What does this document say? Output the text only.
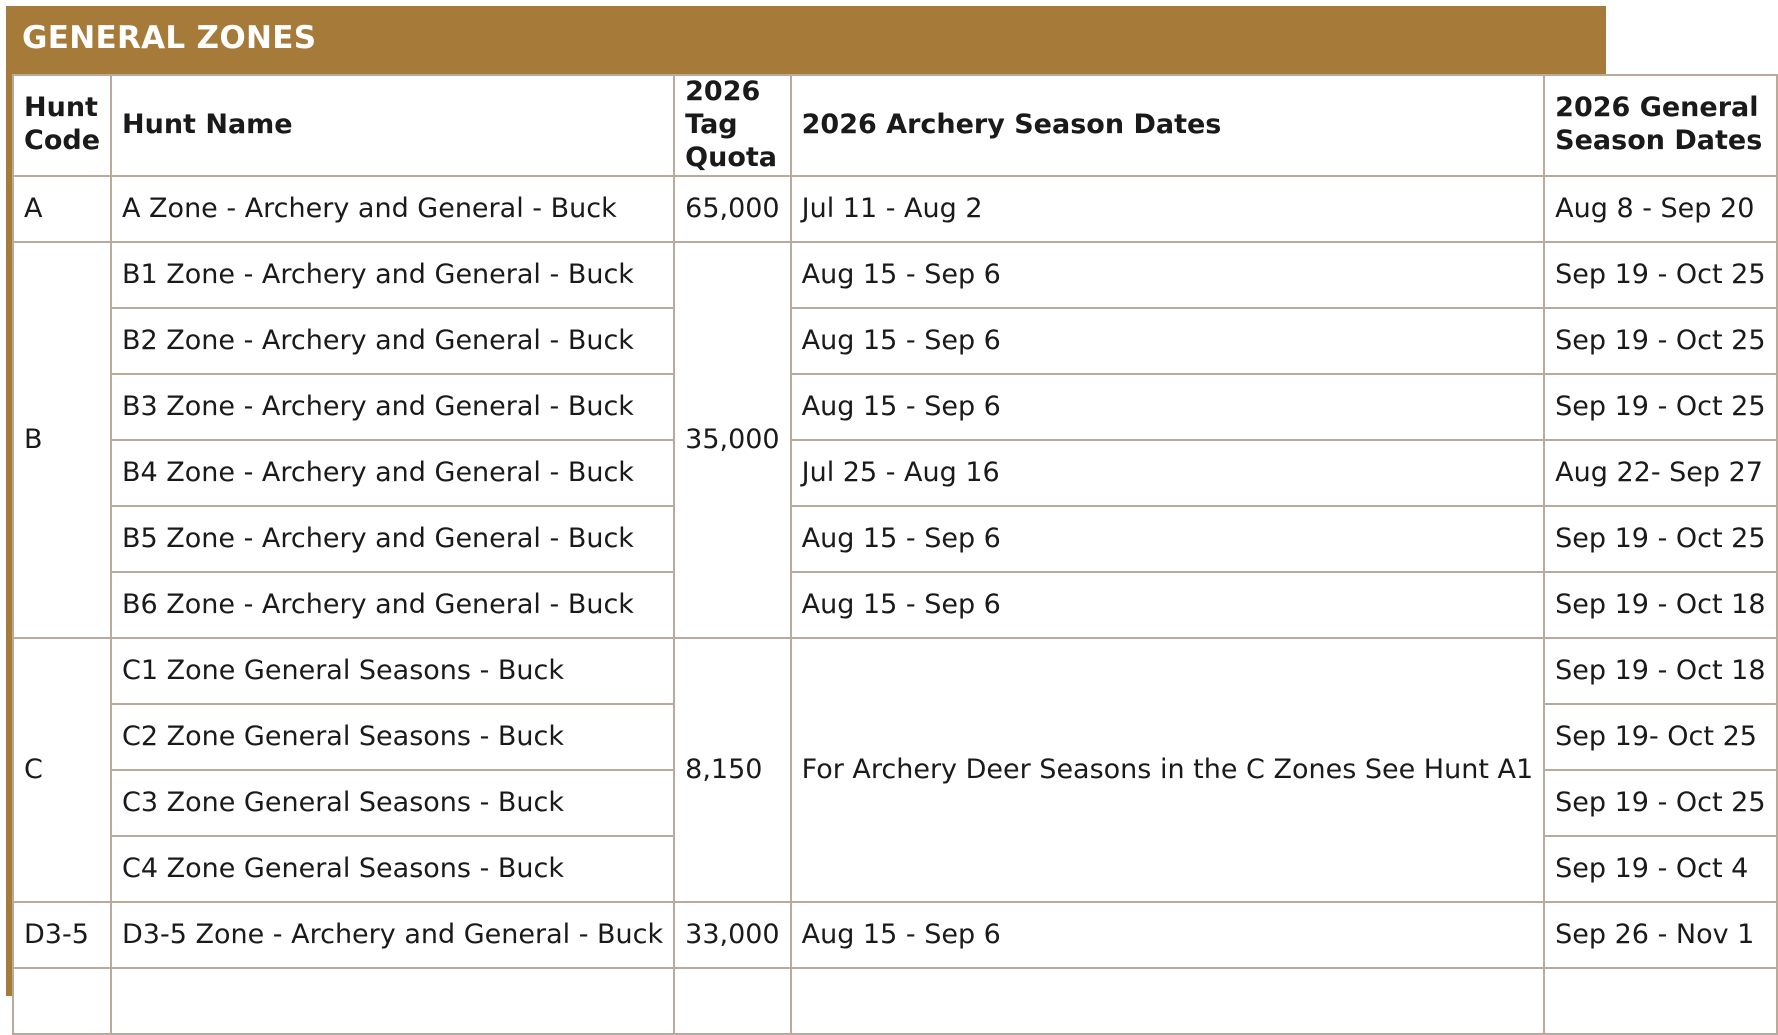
GENERAL ZONES
Hunt Code	Hunt Name	2026 Tag Quota	2026 Archery Season Dates	2026 General Season Dates
A	A Zone - Archery and General - Buck	65,000	Jul 11 - Aug 2	Aug 8 - Sep 20
B	B1 Zone - Archery and General - Buck	35,000	Aug 15 - Sep 6	Sep 19 - Oct 25
	B2 Zone - Archery and General - Buck		Aug 15 - Sep 6	Sep 19 - Oct 25
	B3 Zone - Archery and General - Buck		Aug 15 - Sep 6	Sep 19 - Oct 25
	B4 Zone - Archery and General - Buck		Jul 25 - Aug 16	Aug 22- Sep 27
	B5 Zone - Archery and General - Buck		Aug 15 - Sep 6	Sep 19 - Oct 25
	B6 Zone - Archery and General - Buck		Aug 15 - Sep 6	Sep 19 - Oct 18
C	C1 Zone General Seasons - Buck	8,150	For Archery Deer Seasons in the C Zones See Hunt A1	Sep 19 - Oct 18
	C2 Zone General Seasons - Buck			Sep 19- Oct 25
	C3 Zone General Seasons - Buck			Sep 19 - Oct 25
	C4 Zone General Seasons - Buck			Sep 19 - Oct 4
D3-5	D3-5 Zone - Archery and General - Buck	33,000	Aug 15 - Sep 6	Sep 26 - Nov 1
